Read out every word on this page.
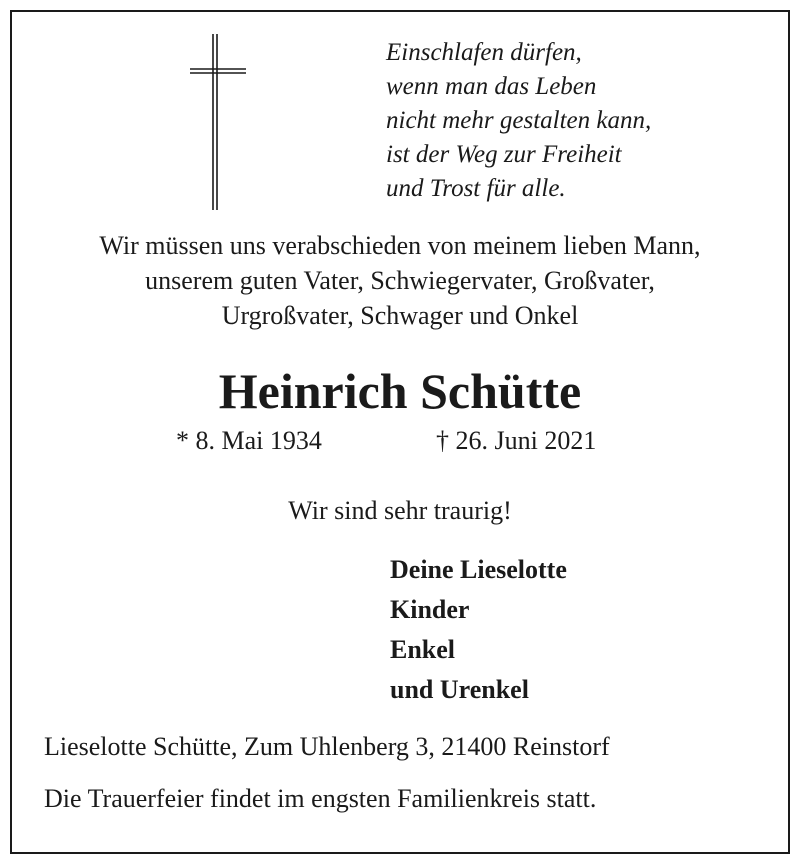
Einschlafen dürfen,
wenn man das Leben
nicht mehr gestalten kann,
ist der Weg zur Freiheit
und Trost für alle.
Wir müssen uns verabschieden von meinem lieben Mann,
unserem guten Vater, Schwiegervater, Großvater,
Urgroßvater, Schwager und Onkel
Heinrich Schütte
* 8. Mai 1934	† 26. Juni 2021
Wir sind sehr traurig!
Deine Lieselotte
Kinder
Enkel
und Urenkel
Lieselotte Schütte, Zum Uhlenberg 3, 21400 Reinstorf
Die Trauerfeier findet im engsten Familienkreis statt.
